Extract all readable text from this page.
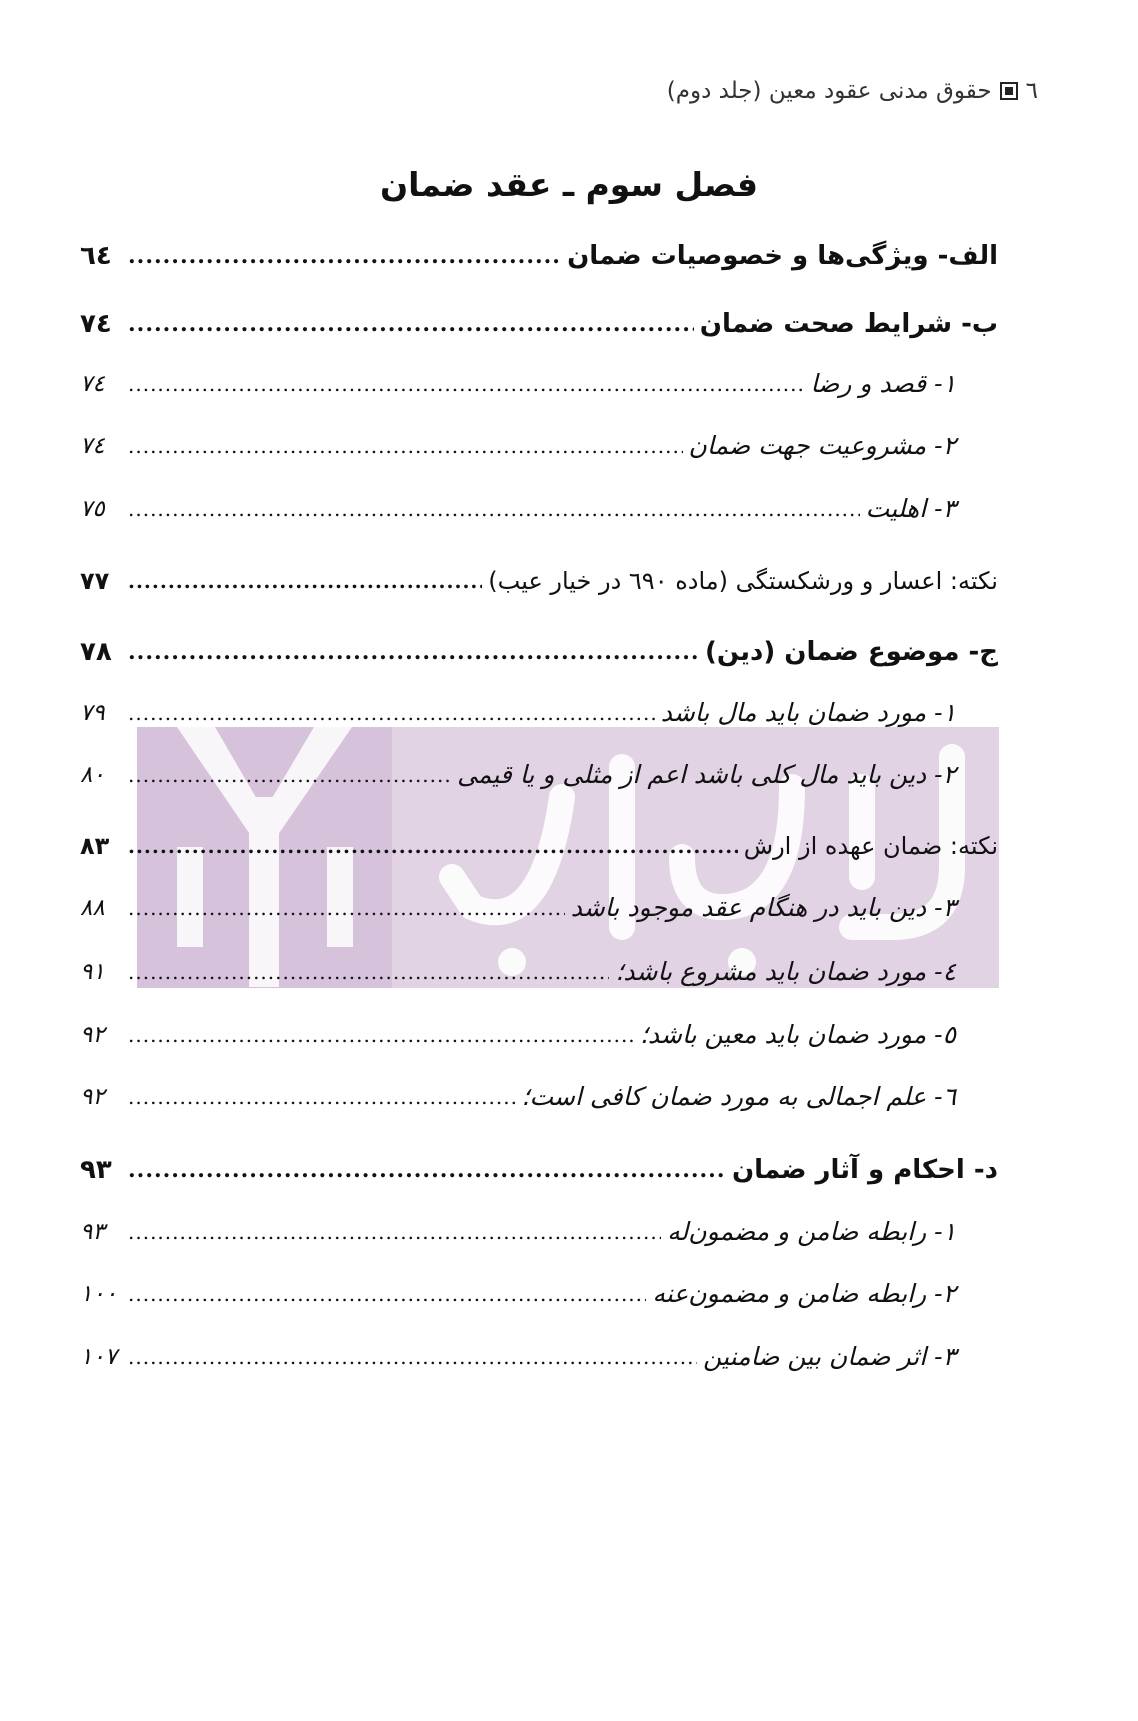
٦
حقوق مدنی عقود معین (جلد دوم)
فصل سوم ـ عقد ضمان
الف- ویژگی‌ها و خصوصیات ضمان
.....
٦٤
ب- شرایط صحت ضمان
.....
٧٤
١- قصد و رضا
.....
٧٤
٢- مشروعیت جهت ضمان
.....
٧٤
٣- اهلیت
.....
٧٥
نکته: اعسار و ورشکستگی (ماده ٦٩٠ در خیار عیب)
.....
٧٧
ج- موضوع ضمان (دین)
.....
٧٨
١- مورد ضمان باید مال باشد
.....
٧٩
٢- دین باید مال کلی باشد اعم از مثلی و یا قیمی
.....
٨٠
نکته: ضمان عهده از ارش
.....
٨٣
٣- دین باید در هنگام عقد موجود باشد
.....
٨٨
٤- مورد ضمان باید مشروع باشد؛
.....
٩١
٥- مورد ضمان باید معین باشد؛
.....
٩٢
٦- علم اجمالی به مورد ضمان کافی است؛
.....
٩٢
د- احکام و آثار ضمان
.....
٩٣
١- رابطه ضامن و مضمون‌له
.....
٩٣
٢- رابطه ضامن و مضمون‌عنه
.....
١٠٠
٣- اثر ضمان بین ضامنین
.....
١٠٧
